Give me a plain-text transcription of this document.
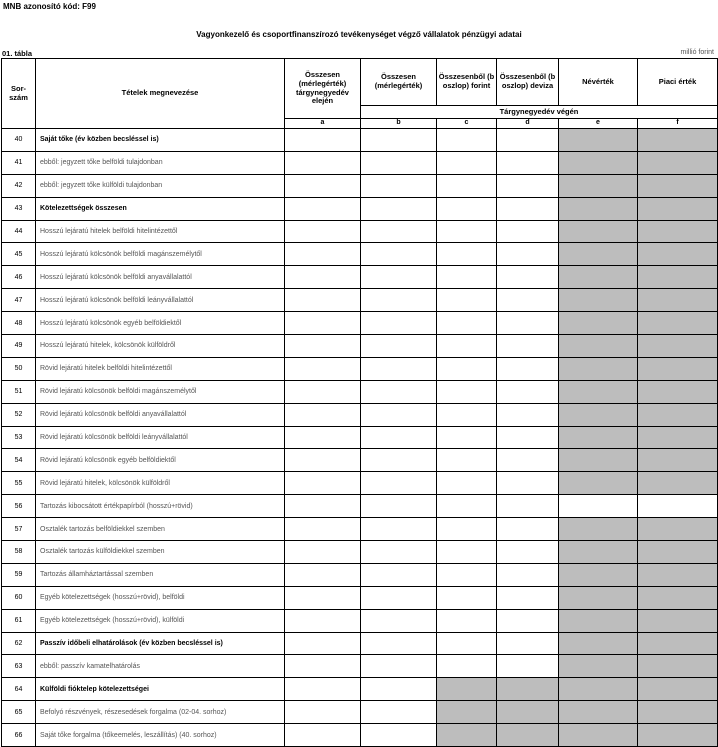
MNB azonosító kód: F99
Vagyonkezelő és csoportfinanszírozó tevékenységet végző vállalatok pénzügyi adatai
01. tábla	millió forint
Sor-szám	Tételek megnevezése	Összesen (mérlegérték) tárgynegyedév elején	Összesen (mérlegérték)	Összesenből (b oszlop) forint	Összesenből (b oszlop) deviza	Névérték	Piaci érték
			Tárgynegyedév végén				
		a	b	c	d	e	f
40	Saját tőke (év közben becsléssel is)						
41	ebből: jegyzett tőke belföldi tulajdonban						
42	ebből: jegyzett tőke külföldi tulajdonban						
43	Kötelezettségek összesen						
44	Hosszú lejáratú hitelek belföldi hitelintézettől						
45	Hosszú lejáratú kölcsönök belföldi magánszemélytől						
46	Hosszú lejáratú kölcsönök belföldi anyavállalattól						
47	Hosszú lejáratú kölcsönök belföldi leányvállalattól						
48	Hosszú lejáratú kölcsönök egyéb belföldiektől						
49	Hosszú lejáratú hitelek, kölcsönök külföldről						
50	Rövid lejáratú hitelek belföldi hitelintézettől						
51	Rövid lejáratú kölcsönök belföldi magánszemélytől						
52	Rövid lejáratú kölcsönök belföldi anyavállalattól						
53	Rövid lejáratú kölcsönök belföldi leányvállalattól						
54	Rövid lejáratú kölcsönök egyéb belföldiektől						
55	Rövid lejáratú hitelek, kölcsönök külföldről						
56	Tartozás kibocsátott értékpapírból (hosszú+rövid)						
57	Osztalék tartozás belföldiekkel szemben						
58	Osztalék tartozás külföldiekkel szemben						
59	Tartozás államháztartással szemben						
60	Egyéb kötelezettségek (hosszú+rövid), belföldi						
61	Egyéb kötelezettségek (hosszú+rövid), külföldi						
62	Passzív időbeli elhatárolások (év közben becsléssel is)						
63	ebből: passzív kamatelhatárolás						
64	Külföldi fióktelep kötelezettségei						
65	Befolyó részvények, részesedések forgalma (02-04. sorhoz)						
66	Saját tőke forgalma (tőkeemelés, leszállítás) (40. sorhoz)						
